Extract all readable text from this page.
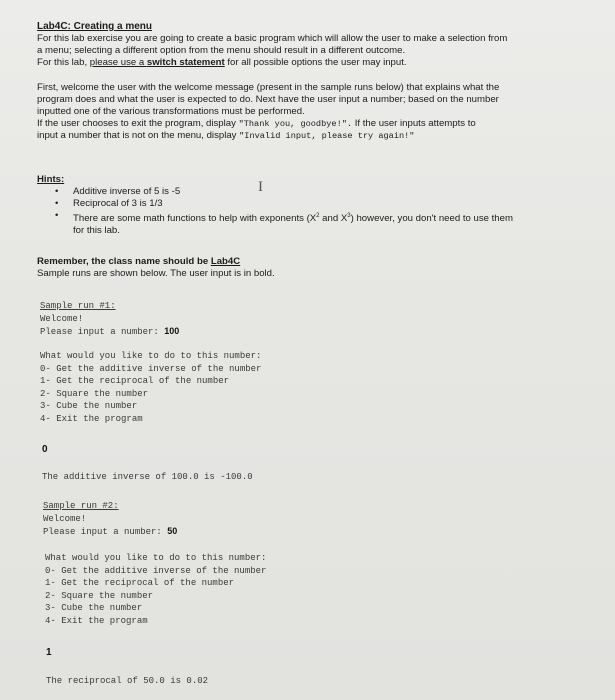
Lab4C: Creating a menu
For this lab exercise you are going to create a basic program which will allow the user to make a selection from
a menu; selecting a different option from the menu should result in a different outcome.
For this lab, please use a switch statement for all possible options the user may input.
First, welcome the user with the welcome message (present in the sample runs below) that explains what the
program does and what the user is expected to do. Next have the user input a number; based on the number
inputted one of the various transformations must be performed.
If the user chooses to exit the program, display "Thank you, goodbye!". If the user inputs attempts to
input a number that is not on the menu, display "Invalid input, please try again!"
Hints:
• Additive inverse of 5 is -5
• Reciprocal of 3 is 1/3
• There are some math functions to help with exponents ($X^2$ and $X^3$) however, you don't need to use them
for this lab.
I
Remember, the class name should be Lab4C
Sample runs are shown below. The user input is in bold.
Sample run #1:
Welcome!
Please input a number: 100
What would you like to do to this number:
0- Get the additive inverse of the number
1- Get the reciprocal of the number
2- Square the number
3- Cube the number
4- Exit the program
0
The additive inverse of 100.0 is -100.0
Sample run #2:
Welcome!
Please input a number: 50
What would you like to do to this number:
0- Get the additive inverse of the number
1- Get the reciprocal of the number
2- Square the number
3- Cube the number
4- Exit the program
1
The reciprocal of 50.0 is 0.02
